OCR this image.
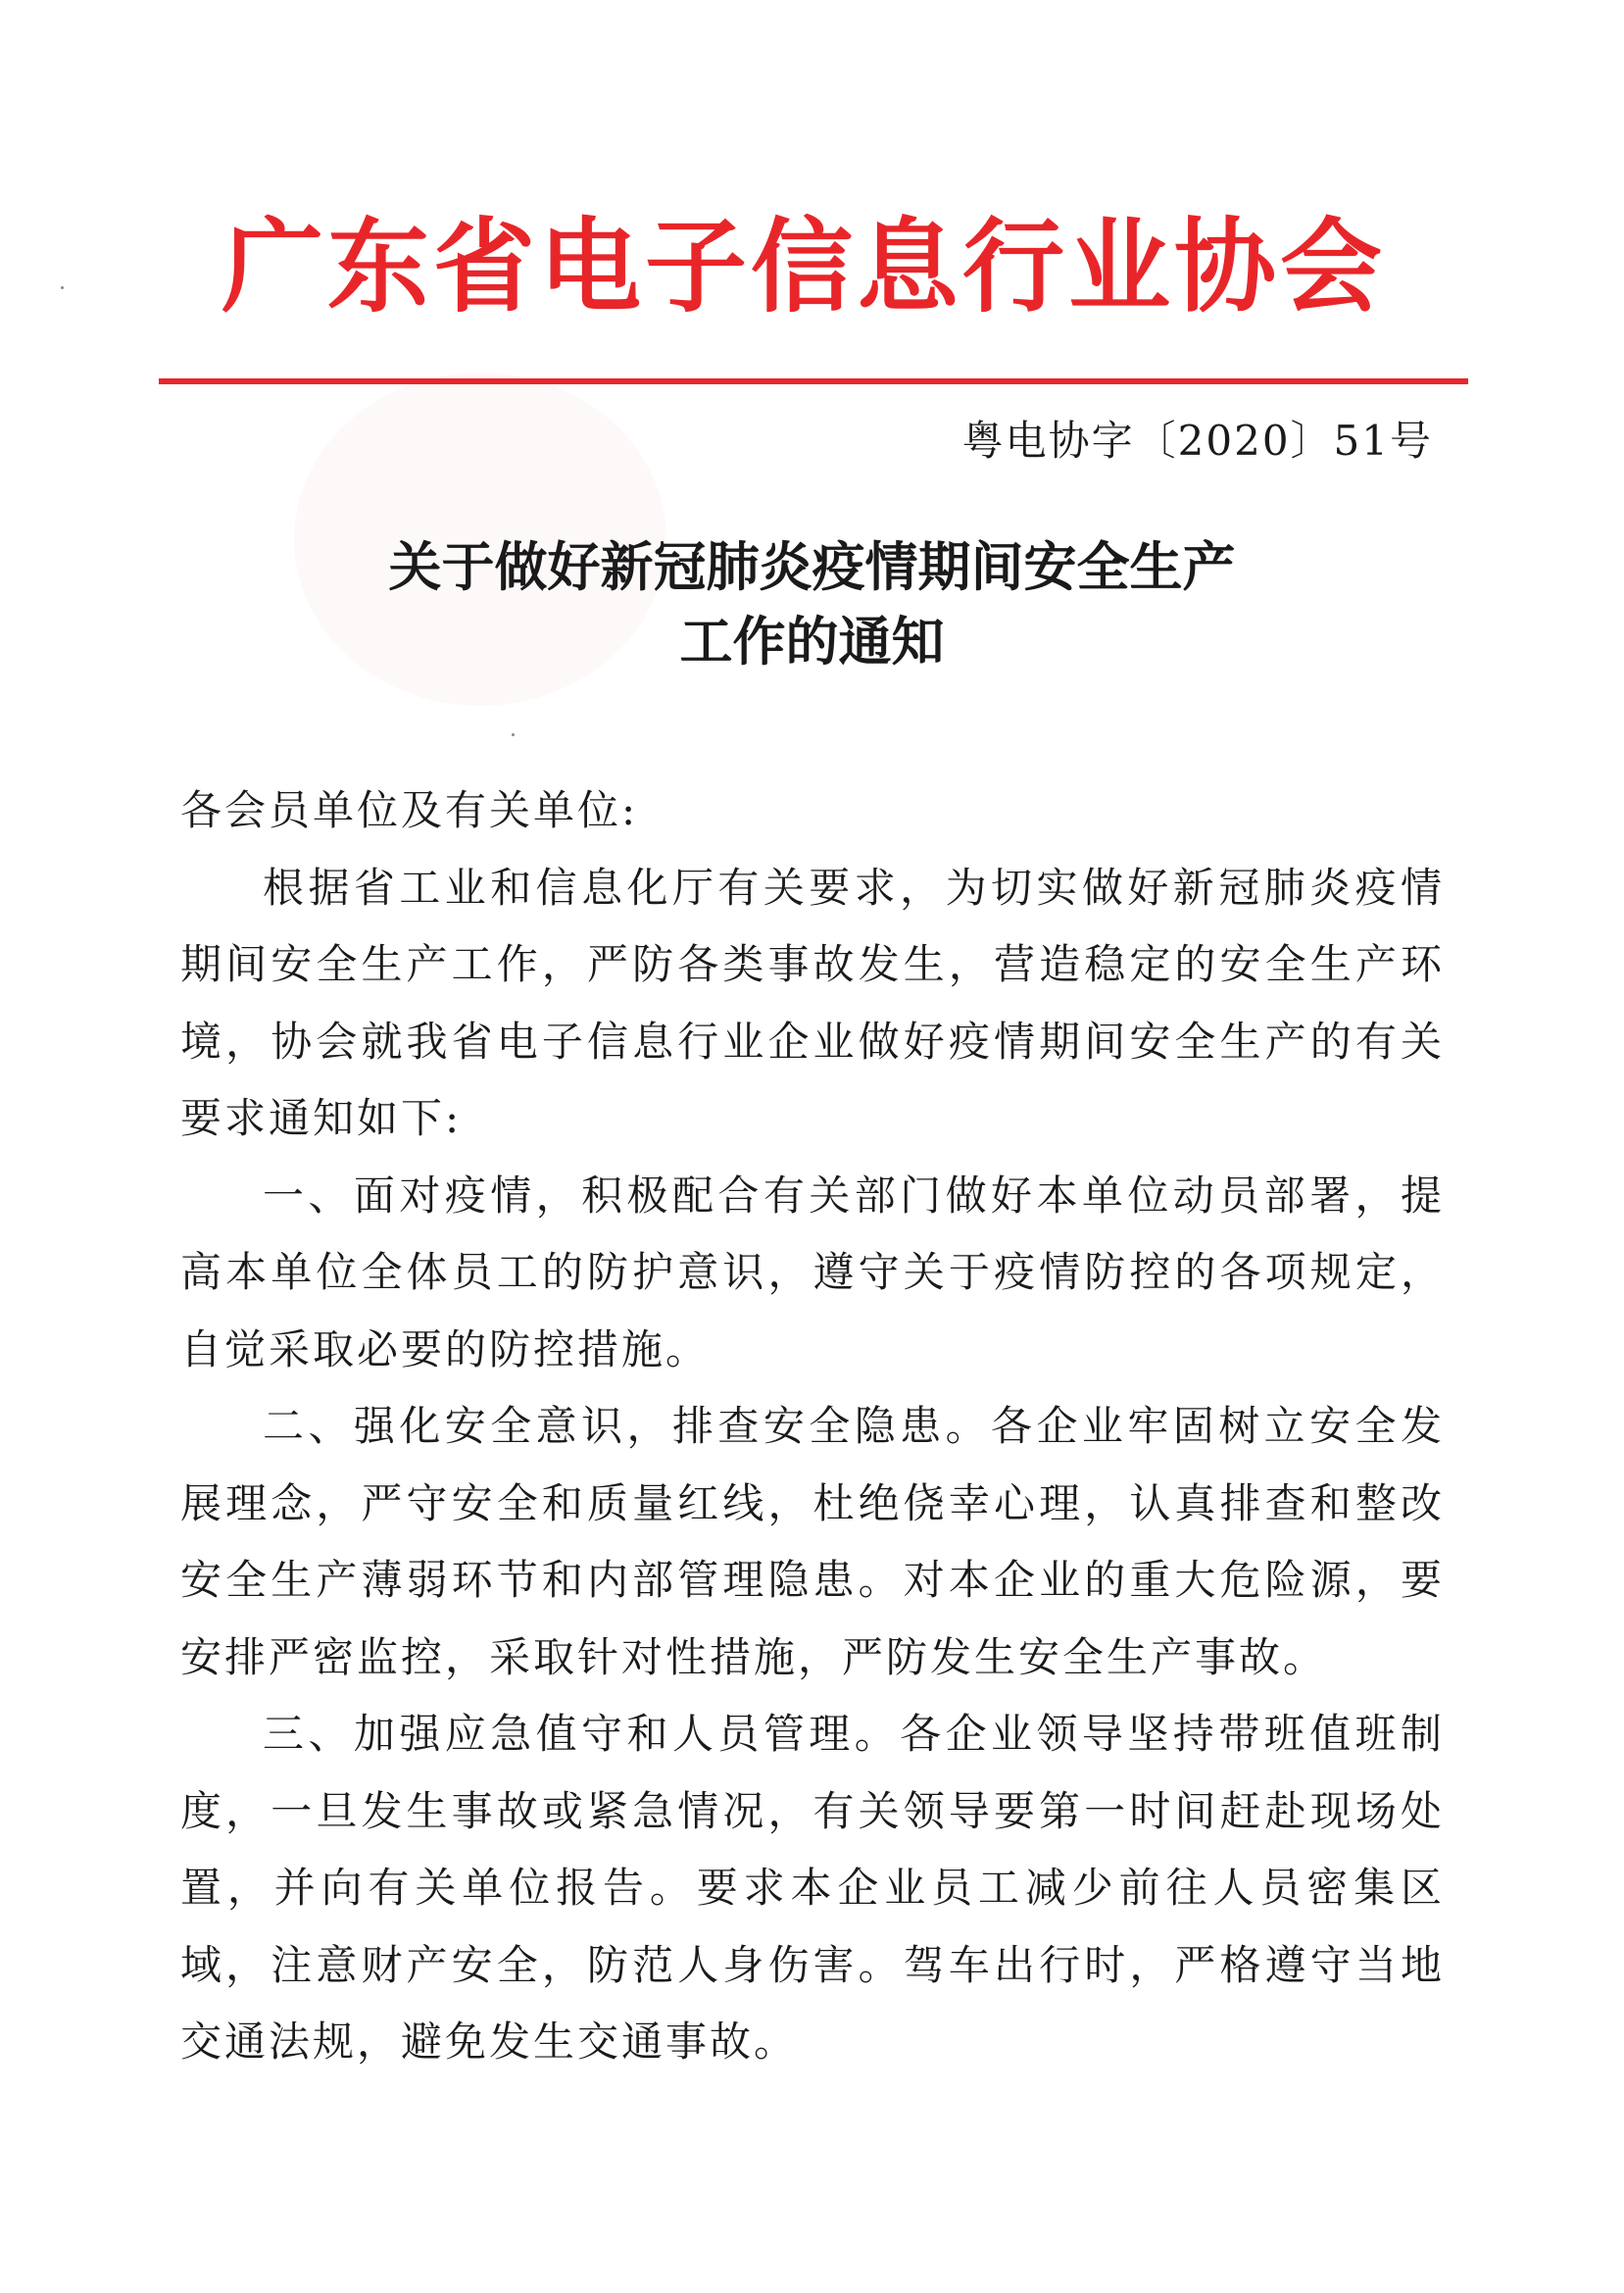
广东省电子信息行业协会
粤电协字〔2020〕51号
关于做好新冠肺炎疫情期间安全生产
工作的通知

各会员单位及有关单位:

根据省工业和信息化厅有关要求，为切实做好新冠肺炎疫情期间安全生产工作，严防各类事故发生，营造稳定的安全生产环境，协会就我省电子信息行业企业做好疫情期间安全生产的有关要求通知如下:

一、面对疫情，积极配合有关部门做好本单位动员部署，提高本单位全体员工的防护意识，遵守关于疫情防控的各项规定，自觉采取必要的防控措施。

二、强化安全意识，排查安全隐患。各企业牢固树立安全发展理念，严守安全和质量红线，杜绝侥幸心理，认真排查和整改安全生产薄弱环节和内部管理隐患。对本企业的重大危险源，要安排严密监控，采取针对性措施，严防发生安全生产事故。

三、加强应急值守和人员管理。各企业领导坚持带班值班制度，一旦发生事故或紧急情况，有关领导要第一时间赶赴现场处置，并向有关单位报告。要求本企业员工减少前往人员密集区域，注意财产安全，防范人身伤害。驾车出行时，严格遵守当地交通法规，避免发生交通事故。
